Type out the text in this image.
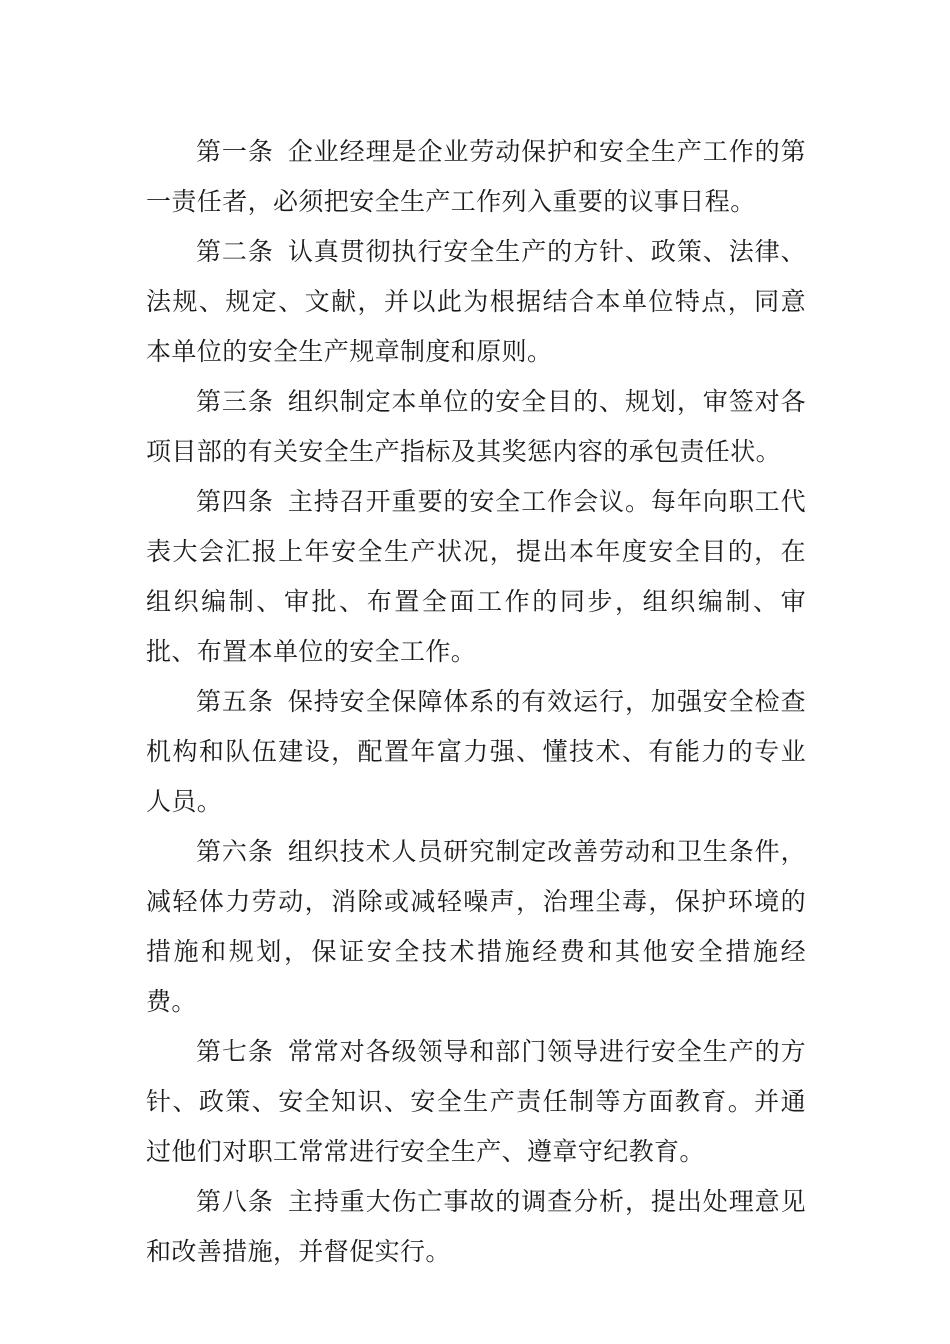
第一条 企业经理是企业劳动保护和安全生产工作的第一责任者，必须把安全生产工作列入重要的议事日程。

第二条 认真贯彻执行安全生产的方针、政策、法律、法规、规定、文献，并以此为根据结合本单位特点，同意本单位的安全生产规章制度和原则。

第三条 组织制定本单位的安全目的、规划，审签对各项目部的有关安全生产指标及其奖惩内容的承包责任状。

第四条 主持召开重要的安全工作会议。每年向职工代表大会汇报上年安全生产状况，提出本年度安全目的，在组织编制、审批、布置全面工作的同步，组织编制、审批、布置本单位的安全工作。

第五条 保持安全保障体系的有效运行，加强安全检查机构和队伍建设，配置年富力强、懂技术、有能力的专业人员。

第六条 组织技术人员研究制定改善劳动和卫生条件，减轻体力劳动，消除或减轻噪声，治理尘毒，保护环境的措施和规划，保证安全技术措施经费和其他安全措施经费。

第七条 常常对各级领导和部门领导进行安全生产的方针、政策、安全知识、安全生产责任制等方面教育。并通过他们对职工常常进行安全生产、遵章守纪教育。

第八条 主持重大伤亡事故的调查分析，提出处理意见和改善措施，并督促实行。
